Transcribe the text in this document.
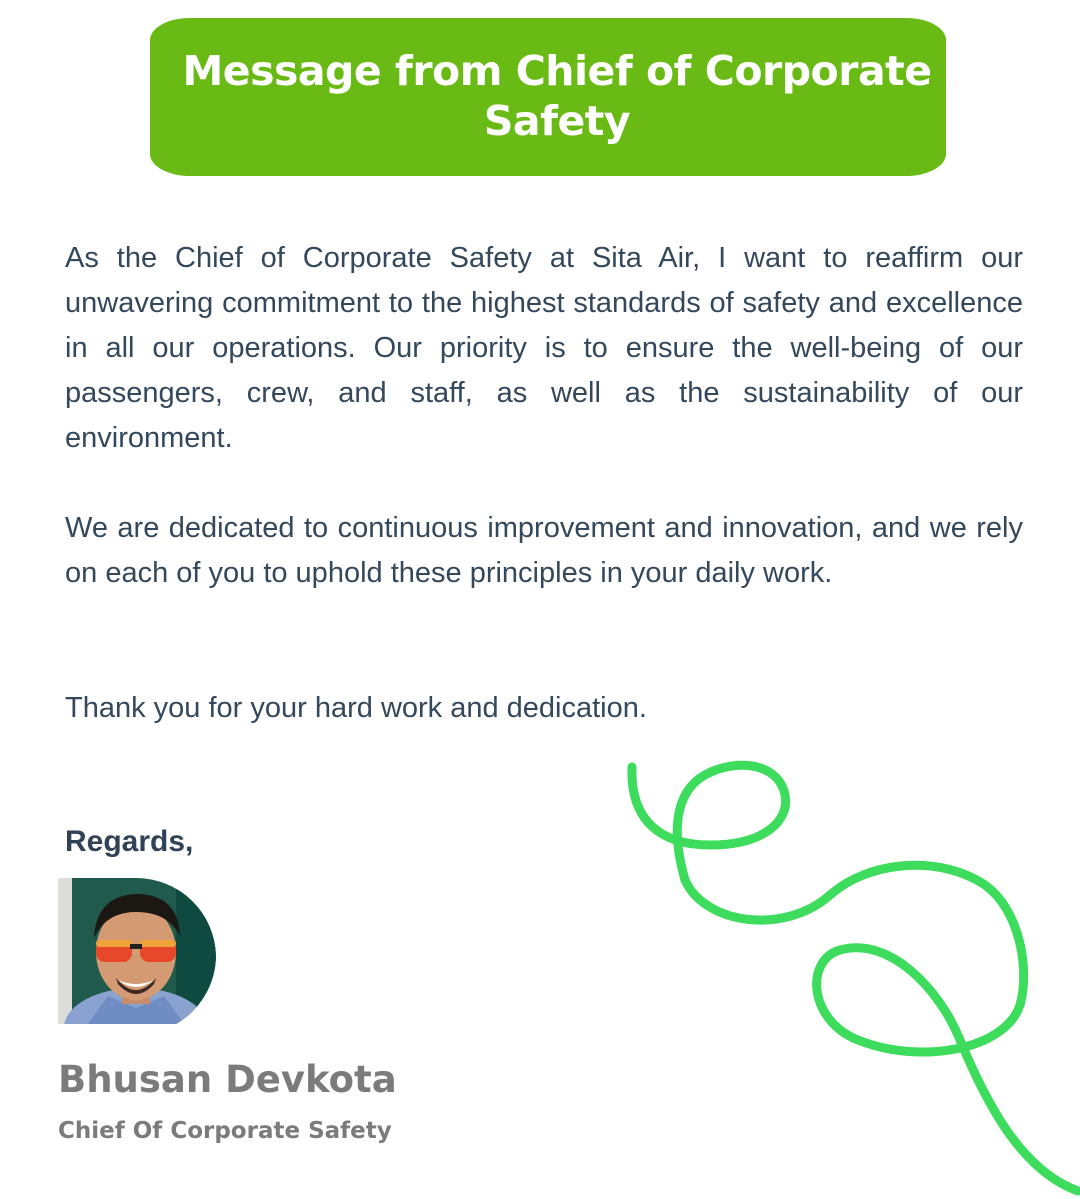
Message from Chief of Corporate Safety

As the Chief of Corporate Safety at Sita Air, I want to reaffirm our unwavering commitment to the highest standards of safety and excellence in all our operations. Our priority is to ensure the well-being of our passengers, crew, and staff, as well as the sustainability of our environment.

We are dedicated to continuous improvement and innovation, and we rely on each of you to uphold these principles in your daily work.

Thank you for your hard work and dedication.

Regards,

Bhusan Devkota

Chief Of Corporate Safety
